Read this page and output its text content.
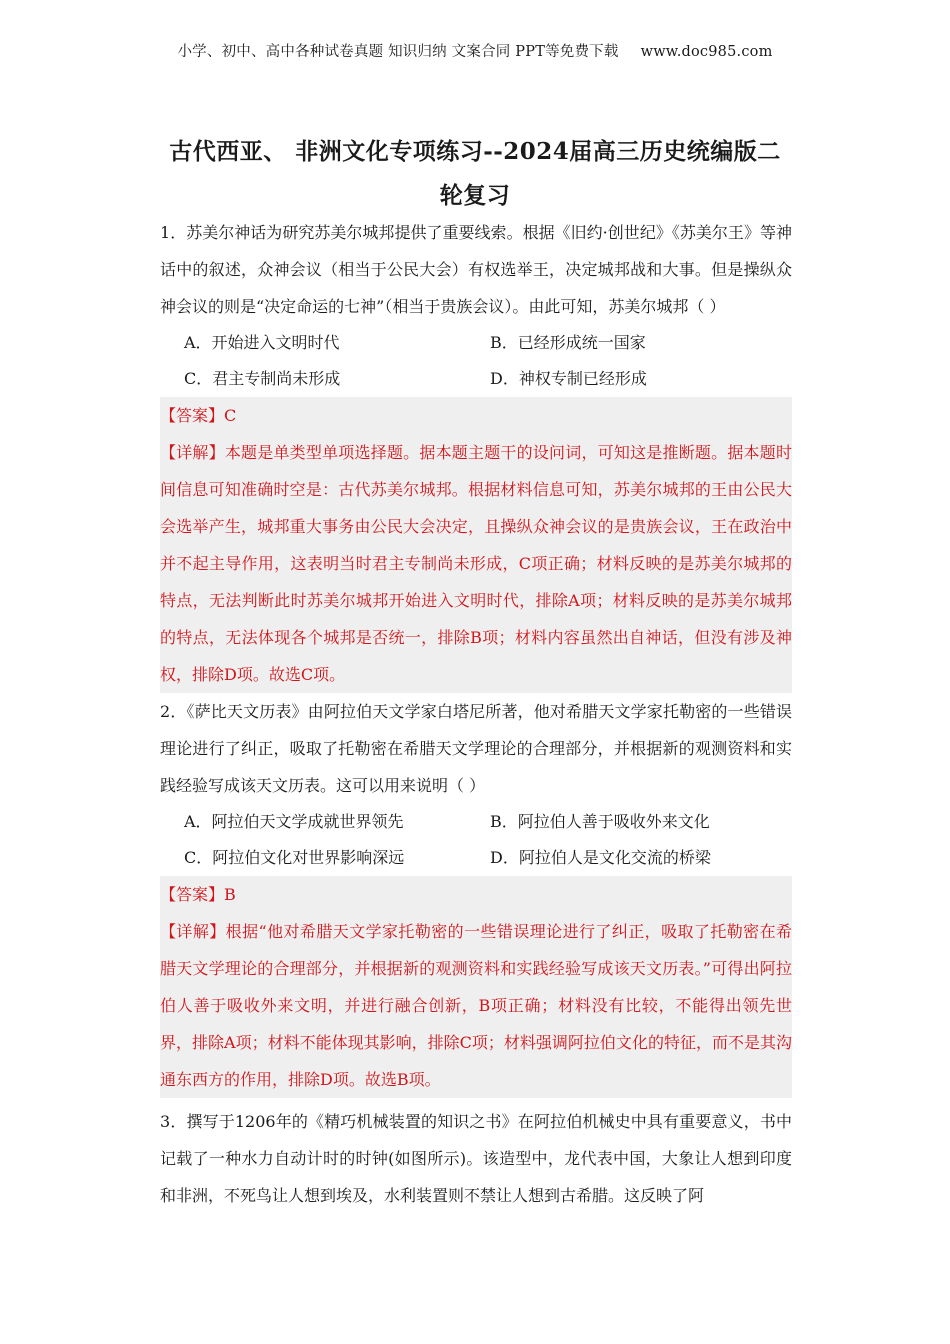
小学、初中、高中各种试卷真题 知识归纳 文案合同 PPT等免费下载 www.doc985.com
古代西亚、 非洲文化专项练习--2024届高三历史统编版二
轮复习

1．苏美尔神话为研究苏美尔城邦提供了重要线索。根据《旧约·创世纪》《苏美尔王》等神话中的叙述，众神会议（相当于公民大会）有权选举王，决定城邦战和大事。但是操纵众神会议的则是“决定命运的七神”（相当于贵族会议）。由此可知，苏美尔城邦（ ）

A．开始进入文明时代	B．已经形成统一国家
C．君主专制尚未形成	D．神权专制已经形成

【答案】C

【详解】本题是单类型单项选择题。据本题主题干的设问词，可知这是推断题。据本题时间信息可知准确时空是：古代苏美尔城邦。根据材料信息可知，苏美尔城邦的王由公民大会选举产生，城邦重大事务由公民大会决定，且操纵众神会议的是贵族会议，王在政治中并不起主导作用，这表明当时君主专制尚未形成，C项正确；材料反映的是苏美尔城邦的特点，无法判断此时苏美尔城邦开始进入文明时代，排除A项；材料反映的是苏美尔城邦的特点，无法体现各个城邦是否统一，排除B项；材料内容虽然出自神话，但没有涉及神权，排除D项。故选C项。

2．《萨比天文历表》由阿拉伯天文学家白塔尼所著，他对希腊天文学家托勒密的一些错误理论进行了纠正，吸取了托勒密在希腊天文学理论的合理部分，并根据新的观测资料和实践经验写成该天文历表。这可以用来说明（ ）

A．阿拉伯天文学成就世界领先	B．阿拉伯人善于吸收外来文化
C．阿拉伯文化对世界影响深远	D．阿拉伯人是文化交流的桥梁

【答案】B

【详解】根据“他对希腊天文学家托勒密的一些错误理论进行了纠正，吸取了托勒密在希腊天文学理论的合理部分，并根据新的观测资料和实践经验写成该天文历表。”可得出阿拉伯人善于吸收外来文明，并进行融合创新，B项正确；材料没有比较，不能得出领先世界，排除A项；材料不能体现其影响，排除C项；材料强调阿拉伯文化的特征，而不是其沟通东西方的作用，排除D项。故选B项。

3．撰写于1206年的《精巧机械装置的知识之书》在阿拉伯机械史中具有重要意义，书中记载了一种水力自动计时的时钟(如图所示)。该造型中，龙代表中国，大象让人想到印度和非洲，不死鸟让人想到埃及，水利装置则不禁让人想到古希腊。这反映了阿
